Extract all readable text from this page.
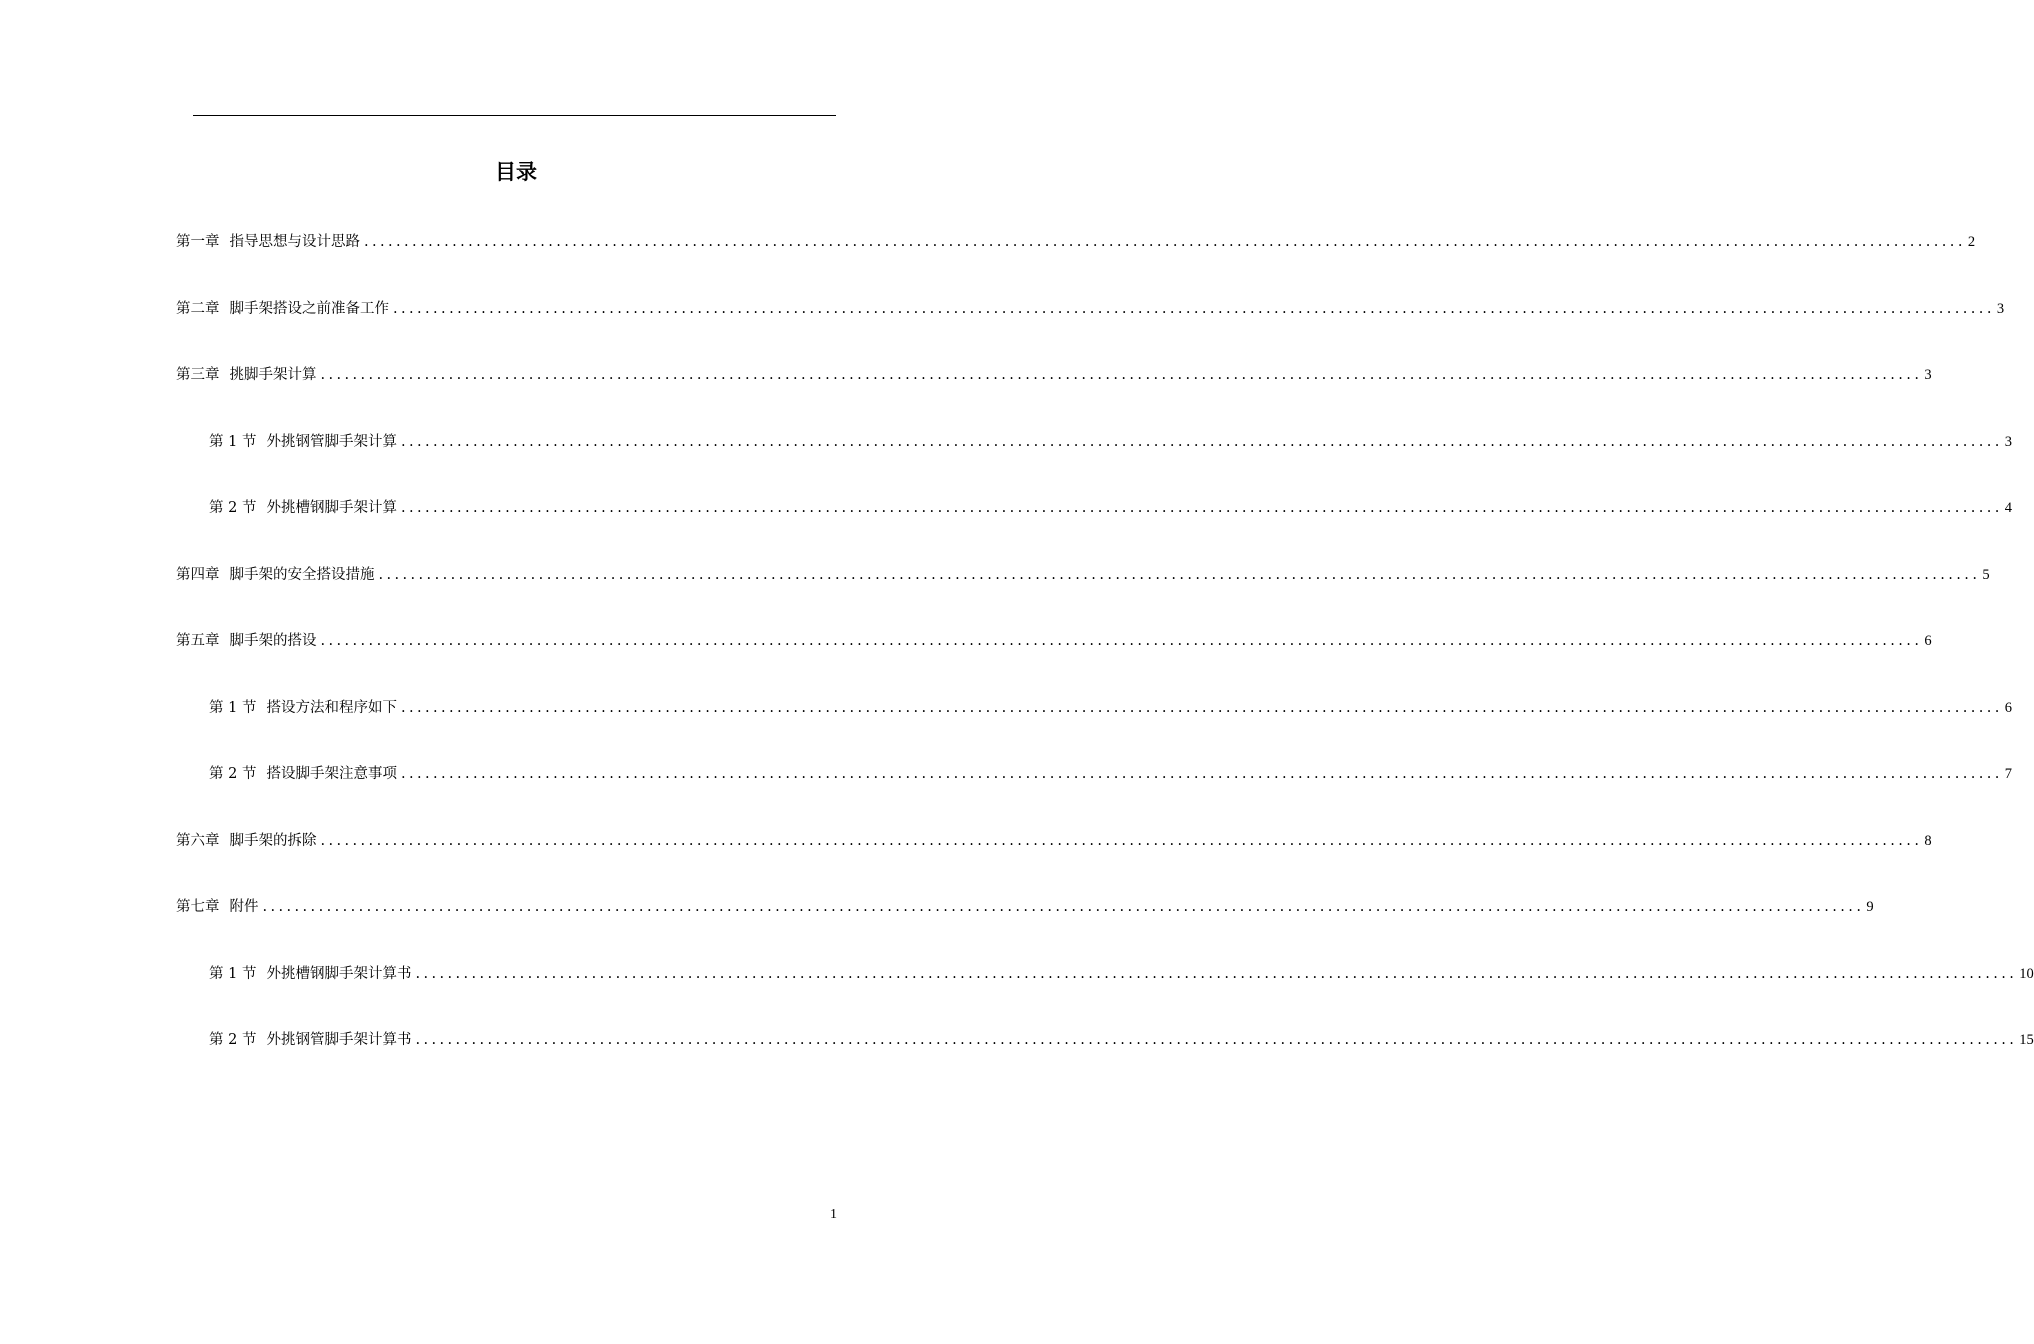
目录
第一章 指导思想与设计思路 ........................................................................................................................................................................................................ 2
第二章 脚手架搭设之前准备工作 ........................................................................................................................................................................................................ 3
第三章 挑脚手架计算 ........................................................................................................................................................................................................ 3
第 1 节 外挑钢管脚手架计算 ........................................................................................................................................................................................................ 3
第 2 节 外挑槽钢脚手架计算 ........................................................................................................................................................................................................ 4
第四章 脚手架的安全搭设措施 ........................................................................................................................................................................................................ 5
第五章 脚手架的搭设 ........................................................................................................................................................................................................ 6
第 1 节 搭设方法和程序如下 ........................................................................................................................................................................................................ 6
第 2 节 搭设脚手架注意事项 ........................................................................................................................................................................................................ 7
第六章 脚手架的拆除 ........................................................................................................................................................................................................ 8
第七章 附件 ........................................................................................................................................................................................................ 9
第 1 节 外挑槽钢脚手架计算书 ........................................................................................................................................................................................................ 10
第 2 节 外挑钢管脚手架计算书 ........................................................................................................................................................................................................ 15
1
